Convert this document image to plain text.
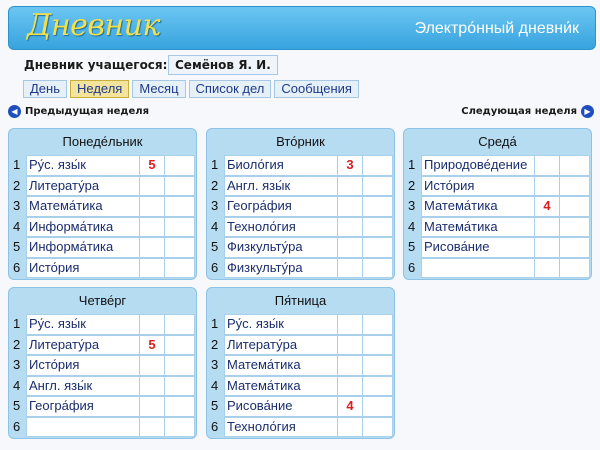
Дневник	Электро́нный дневни́к
Дневник учащегося: Семёнов Я. И.
День	Неделя	Месяц	Список дел	Сообщения
◀ Предыдущая неделя	Следующая неделя ▶
Понеде́льник
1 Ру́с. язы́к	5
2 Литерату́ра
3 Матема́тика
4 Информа́тика
5 Информа́тика
6 Исто́рия
Вто́рник
1 Биоло́гия	3
2 Англ. язы́к
3 Геогра́фия
4 Техноло́гия
5 Физкульту́ра
6 Физкульту́ра
Среда́
1 Природове́дение
2 Исто́рия
3 Матема́тика	4
4 Матема́тика
5 Рисова́ние
6
Четве́рг
1 Ру́с. язы́к
2 Литерату́ра	5
3 Исто́рия
4 Англ. язы́к
5 Геогра́фия
6
Пя́тница
1 Ру́с. язы́к
2 Литерату́ра
3 Матема́тика
4 Матема́тика
5 Рисова́ние	4
6 Техноло́гия
